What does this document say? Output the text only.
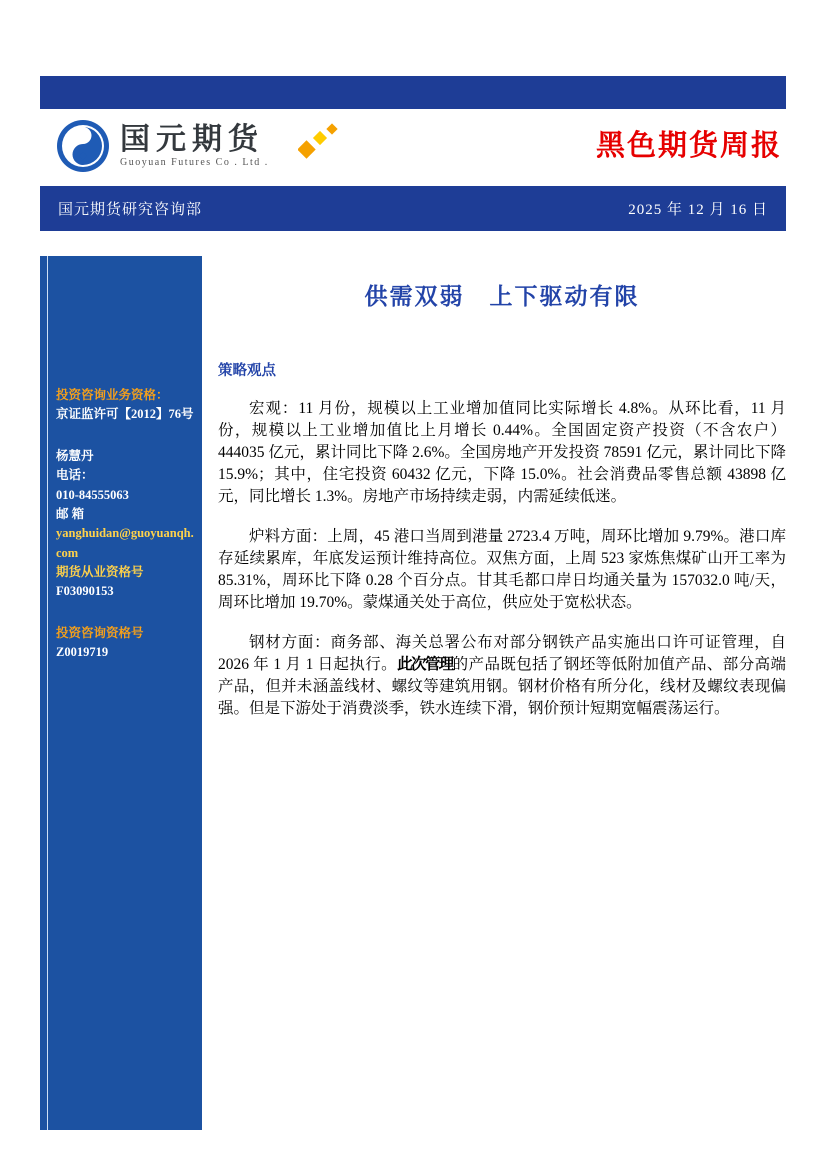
国元期货
Guoyuan Futures Co . Ltd .
黑色期货周报
国元期货研究咨询部	2025 年 12 月 16 日
投资咨询业务资格：
京证监许可【2012】76号
杨慧丹
电话：
010-84555063
邮 箱
yanghuidan@guoyuanqh.com
期货从业资格号
F03090153
投资咨询资格号
Z0019719
供需双弱　上下驱动有限
策略观点

宏观：11 月份，规模以上工业增加值同比实际增长 4.8%。从环比看，11 月份，规模以上工业增加值比上月增长 0.44%。全国固定资产投资（不含农户）444035 亿元，累计同比下降 2.6%。全国房地产开发投资 78591 亿元，累计同比下降 15.9%；其中，住宅投资 60432 亿元，下降 15.0%。社会消费品零售总额 43898 亿元，同比增长 1.3%。房地产市场持续走弱，内需延续低迷。

炉料方面：上周，45 港口当周到港量 2723.4 万吨，周环比增加 9.79%。港口库存延续累库，年底发运预计维持高位。双焦方面，上周 523 家炼焦煤矿山开工率为 85.31%，周环比下降 0.28 个百分点。甘其毛都口岸日均通关量为 157032.0 吨/天，周环比增加 19.70%。蒙煤通关处于高位，供应处于宽松状态。

钢材方面：商务部、海关总署公布对部分钢铁产品实施出口许可证管理，自 2026 年 1 月 1 日起执行。此次管理的产品既包括了钢坯等低附加值产品、部分高端产品，但并未涵盖线材、螺纹等建筑用钢。钢材价格有所分化，线材及螺纹表现偏强。但是下游处于消费淡季，铁水连续下滑，钢价预计短期宽幅震荡运行。
